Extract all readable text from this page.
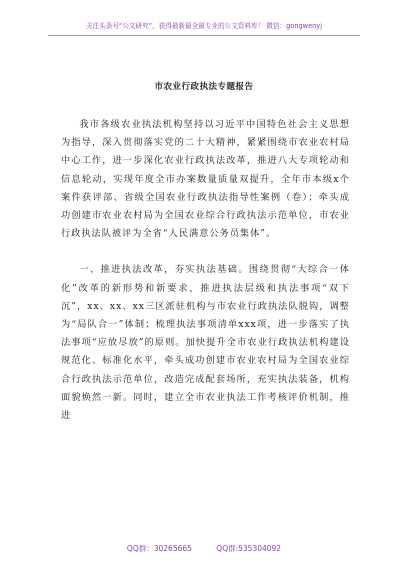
关注头条号“公文研究”，获得最新最全最专业的公文资料库！ 微信：gongwenyj
市农业行政执法专题报告

我市各级农业执法机构坚持以习近平中国特色社会主义思想为指导，深入贯彻落实党的二十大精神，紧紧围绕市农业农村局中心工作，进一步深化农业行政执法改革，推进八大专项轮动和信息轮动，实现年度全市办案数量质量双提升，全年市本级x个案件获评部、省级全国农业行政执法指导性案例（卷）；牵头成功创建市农业农村局为全国农业综合行政执法示范单位，市农业行政执法队被评为全省“人民满意公务员集体”。

一、推进执法改革，夯实执法基础。围绕贯彻“大综合一体化”改革的新形势和新要求，推进执法层级和执法事项“双下沉”，xx、xx、xx三区派驻机构与市农业行政执法队脱钩，调整为“局队合一”体制；梳理执法事项清单xxx项，进一步落实了执法事项“应放尽放”的原则。加快提升全市农业行政执法机构建设规范化、标准化水平，牵头成功创建市农业农村局为全国农业综合行政执法示范单位，改造完成配套场所，充实执法装备，机构面貌焕然一新。同时，建立全市农业执法工作考核评价机制，推进

QQ群：30265665	QQ群:535304092
